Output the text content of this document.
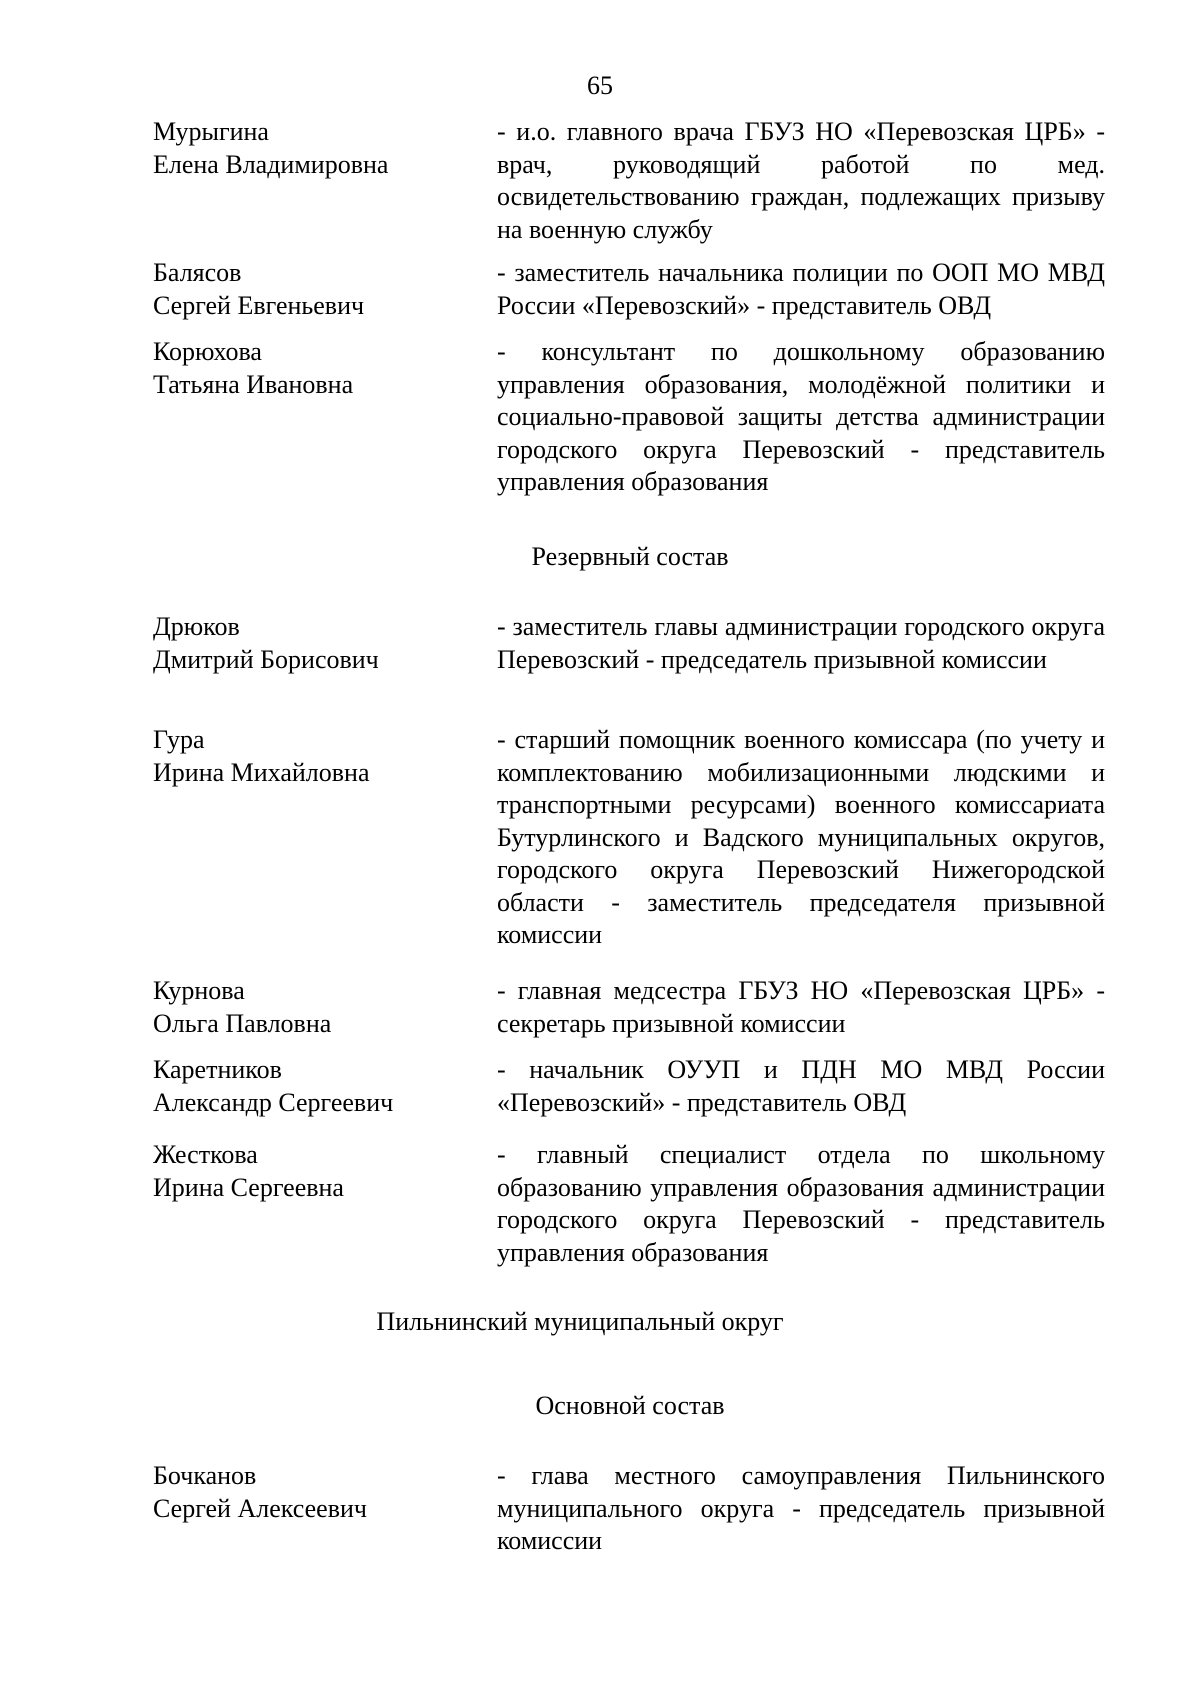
65
Мурыгина
Елена Владимировна
- и.о. главного врача ГБУЗ НО «Перевозская ЦРБ» - врач, руководящий работой по мед. освидетельствованию граждан, подлежащих призыву на военную службу
Балясов
Сергей Евгеньевич
- заместитель начальника полиции по ООП МО МВД России «Перевозский» - представитель ОВД
Корюхова
Татьяна Ивановна
- консультант по дошкольному образованию управления образования, молодёжной политики и социально-правовой защиты детства администрации городского округа Перевозский - представитель управления образования
Резервный состав
Дрюков
Дмитрий Борисович
- заместитель главы администрации городского округа Перевозский - председатель призывной комиссии
Гура
Ирина Михайловна
- старший помощник военного комиссара (по учету и комплектованию мобилизационными людскими и транспортными ресурсами) военного комиссариата Бутурлинского и Вадского муниципальных округов, городского округа Перевозский Нижегородской области - заместитель председателя призывной комиссии
Курнова
Ольга Павловна
- главная медсестра ГБУЗ НО «Перевозская ЦРБ» - секретарь призывной комиссии
Каретников
Александр Сергеевич
- начальник ОУУП и ПДН МО МВД России «Перевозский» - представитель ОВД
Жесткова
Ирина Сергеевна
- главный специалист отдела по школьному образованию управления образования администрации городского округа Перевозский - представитель управления образования
Пильнинский муниципальный округ
Основной состав
Бочканов
Сергей Алексеевич
- глава местного самоуправления Пильнинского муниципального округа - председатель призывной комиссии
